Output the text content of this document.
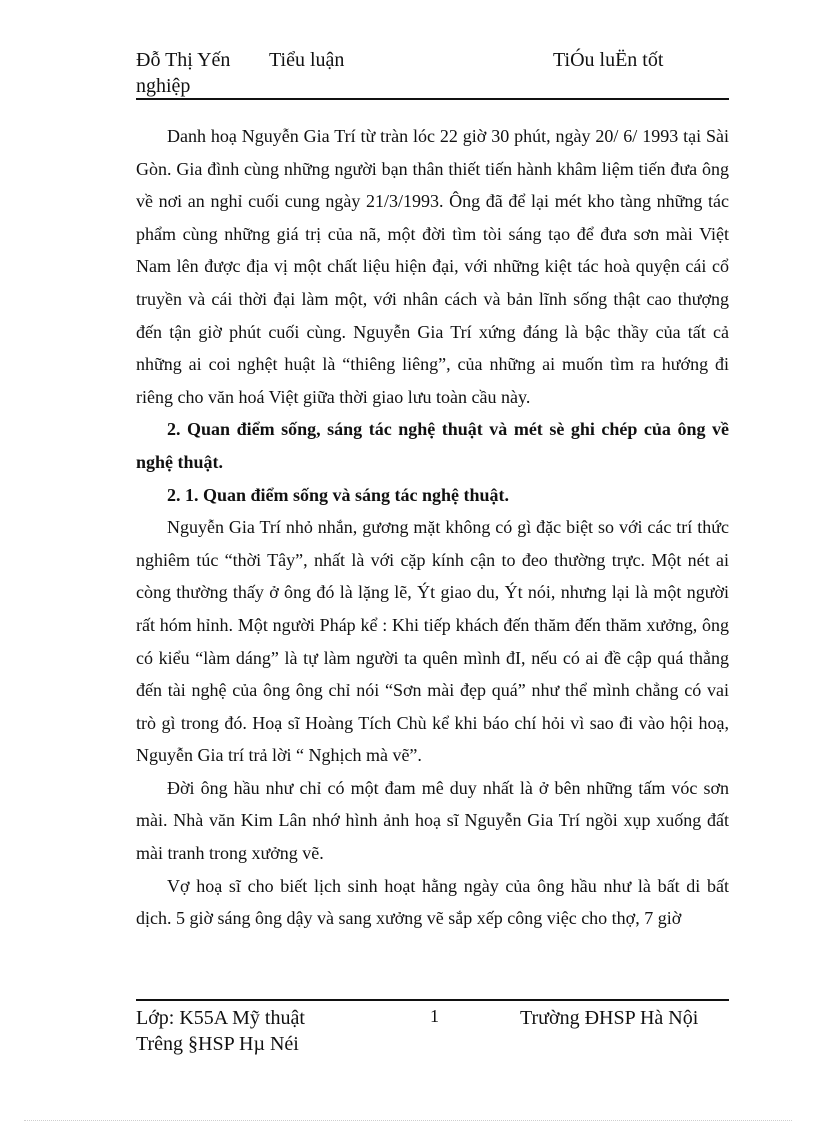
Đỗ Thị Yến Tiểu luận	TiÓu luËn tốt
nghiệp

Danh hoạ Nguyễn Gia Trí từ tràn lóc 22 giờ 30 phút, ngày 20/ 6/ 1993 tại Sài Gòn. Gia đình cùng những người bạn thân thiết tiến hành khâm liệm tiến đưa ông về nơi an nghỉ cuối cung ngày 21/3/1993. Ông đã để lại mét kho tàng những tác phẩm cùng những giá trị của nã, một đời tìm tòi sáng tạo để đưa sơn mài Việt Nam lên được địa vị một chất liệu hiện đại, với những kiệt tác hoà quyện cái cổ truyền và cái thời đại làm một, với nhân cách và bản lĩnh sống thật cao thượng đến tận giờ phút cuối cùng. Nguyễn Gia Trí xứng đáng là bậc thầy của tất cả những ai coi nghệt huật là “thiêng liêng”, của những ai muốn tìm ra hướng đi riêng cho văn hoá Việt giữa thời giao lưu toàn cầu này.

2. Quan điểm sống, sáng tác nghệ thuật và mét sè ghi chép của ông về nghệ thuật.

2. 1. Quan điểm sống và sáng tác nghệ thuật.

Nguyễn Gia Trí nhỏ nhắn, gương mặt không có gì đặc biệt so với các trí thức nghiêm túc “thời Tây”, nhất là với cặp kính cận to đeo thường trực. Một nét ai còng thường thấy ở ông đó là lặng lẽ, Ýt giao du, Ýt nói, nhưng lại là một người rất hóm hỉnh. Một người Pháp kể : Khi tiếp khách đến thăm đến thăm xưởng, ông có kiểu “làm dáng” là tự làm người ta quên mình đI, nếu có ai đề cập quá thẳng đến tài nghệ của ông ông chỉ nói “Sơn mài đẹp quá” như thể mình chẳng có vai trò gì trong đó. Hoạ sĩ Hoàng Tích Chù kể khi báo chí hỏi vì sao đi vào hội hoạ, Nguyễn Gia trí trả lời “ Nghịch mà vẽ”.

Đời ông hầu như chỉ có một đam mê duy nhất là ở bên những tấm vóc sơn mài. Nhà văn Kim Lân nhớ hình ảnh hoạ sĩ Nguyễn Gia Trí ngồi xụp xuống đất mài tranh trong xưởng vẽ.

Vợ hoạ sĩ cho biết lịch sinh hoạt hằng ngày của ông hầu như là bất di bất dịch. 5 giờ sáng ông dậy và sang xưởng vẽ sắp xếp công việc cho thợ, 7 giờ

Lớp: K55A Mỹ thuật	1	Trường ĐHSP Hà Nội
Trêng §HSP Hµ Néi
